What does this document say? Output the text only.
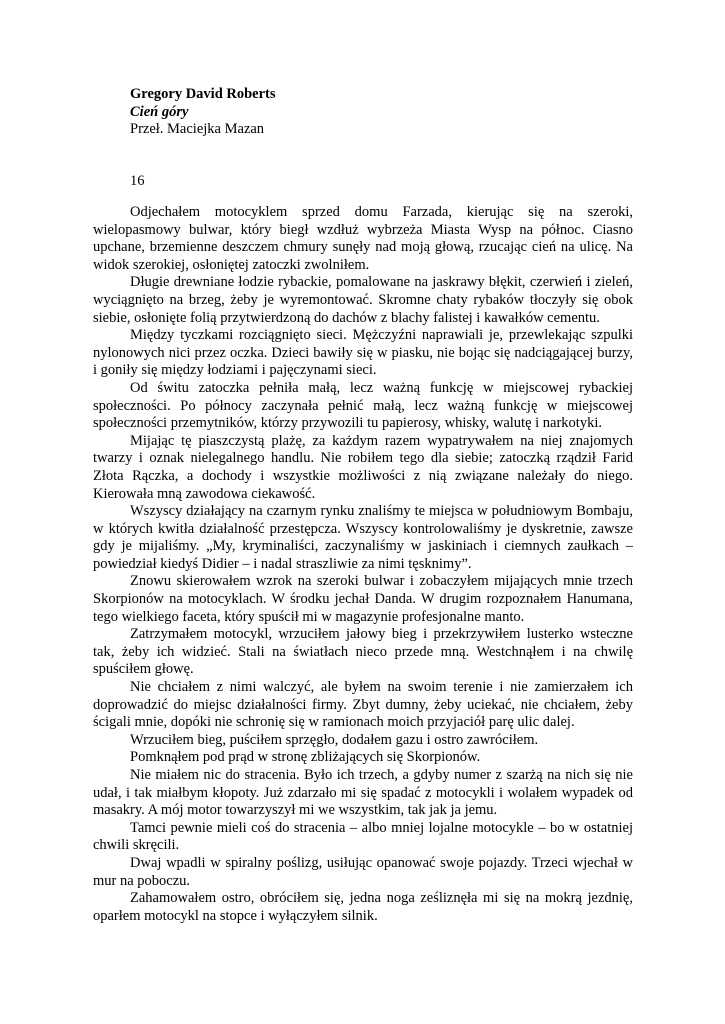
Gregory David Roberts
Cień góry
Przeł. Maciejka Mazan
16

Odjechałem motocyklem sprzed domu Farzada, kierując się na szeroki, wielopasmowy bulwar, który biegł wzdłuż wybrzeża Miasta Wysp na północ. Ciasno upchane, brzemienne deszczem chmury sunęły nad moją głową, rzucając cień na ulicę. Na widok szerokiej, osłoniętej zatoczki zwolniłem.

Długie drewniane łodzie rybackie, pomalowane na jaskrawy błękit, czerwień i zieleń, wyciągnięto na brzeg, żeby je wyremontować. Skromne chaty rybaków tłoczyły się obok siebie, osłonięte folią przytwierdzoną do dachów z blachy falistej i kawałków cementu.

Między tyczkami rozciągnięto sieci. Mężczyźni naprawiali je, przewlekając szpulki nylonowych nici przez oczka. Dzieci bawiły się w piasku, nie bojąc się nadciągającej burzy, i goniły się między łodziami i pajęczynami sieci.

Od świtu zatoczka pełniła małą, lecz ważną funkcję w miejscowej rybackiej społeczności. Po północy zaczynała pełnić małą, lecz ważną funkcję w miejscowej społeczności przemytników, którzy przywozili tu papierosy, whisky, walutę i narkotyki.

Mijając tę piaszczystą plażę, za każdym razem wypatrywałem na niej znajomych twarzy i oznak nielegalnego handlu. Nie robiłem tego dla siebie; zatoczką rządził Farid Złota Rączka, a dochody i wszystkie możliwości z nią związane należały do niego. Kierowała mną zawodowa ciekawość.

Wszyscy działający na czarnym rynku znaliśmy te miejsca w południowym Bombaju, w których kwitła działalność przestępcza. Wszyscy kontrolowaliśmy je dyskretnie, zawsze gdy je mijaliśmy. „My, kryminaliści, zaczynaliśmy w jaskiniach i ciemnych zaułkach – powiedział kiedyś Didier – i nadal straszliwie za nimi tęsknimy”.

Znowu skierowałem wzrok na szeroki bulwar i zobaczyłem mijających mnie trzech Skorpionów na motocyklach. W środku jechał Danda. W drugim rozpoznałem Hanumana, tego wielkiego faceta, który spuścił mi w magazynie profesjonalne manto.

Zatrzymałem motocykl, wrzuciłem jałowy bieg i przekrzywiłem lusterko wsteczne tak, żeby ich widzieć. Stali na światłach nieco przede mną. Westchnąłem i na chwilę spuściłem głowę.

Nie chciałem z nimi walczyć, ale byłem na swoim terenie i nie zamierzałem ich doprowadzić do miejsc działalności firmy. Zbyt dumny, żeby uciekać, nie chciałem, żeby ścigali mnie, dopóki nie schronię się w ramionach moich przyjaciół parę ulic dalej.

Wrzuciłem bieg, puściłem sprzęgło, dodałem gazu i ostro zawróciłem.

Pomknąłem pod prąd w stronę zbliżających się Skorpionów.

Nie miałem nic do stracenia. Było ich trzech, a gdyby numer z szarżą na nich się nie udał, i tak miałbym kłopoty. Już zdarzało mi się spadać z motocykli i wolałem wypadek od masakry. A mój motor towarzyszył mi we wszystkim, tak jak ja jemu.

Tamci pewnie mieli coś do stracenia – albo mniej lojalne motocykle – bo w ostatniej chwili skręcili.

Dwaj wpadli w spiralny poślizg, usiłując opanować swoje pojazdy. Trzeci wjechał w mur na poboczu.

Zahamowałem ostro, obróciłem się, jedna noga ześliznęła mi się na mokrą jezdnię, oparłem motocykl na stopce i wyłączyłem silnik.
